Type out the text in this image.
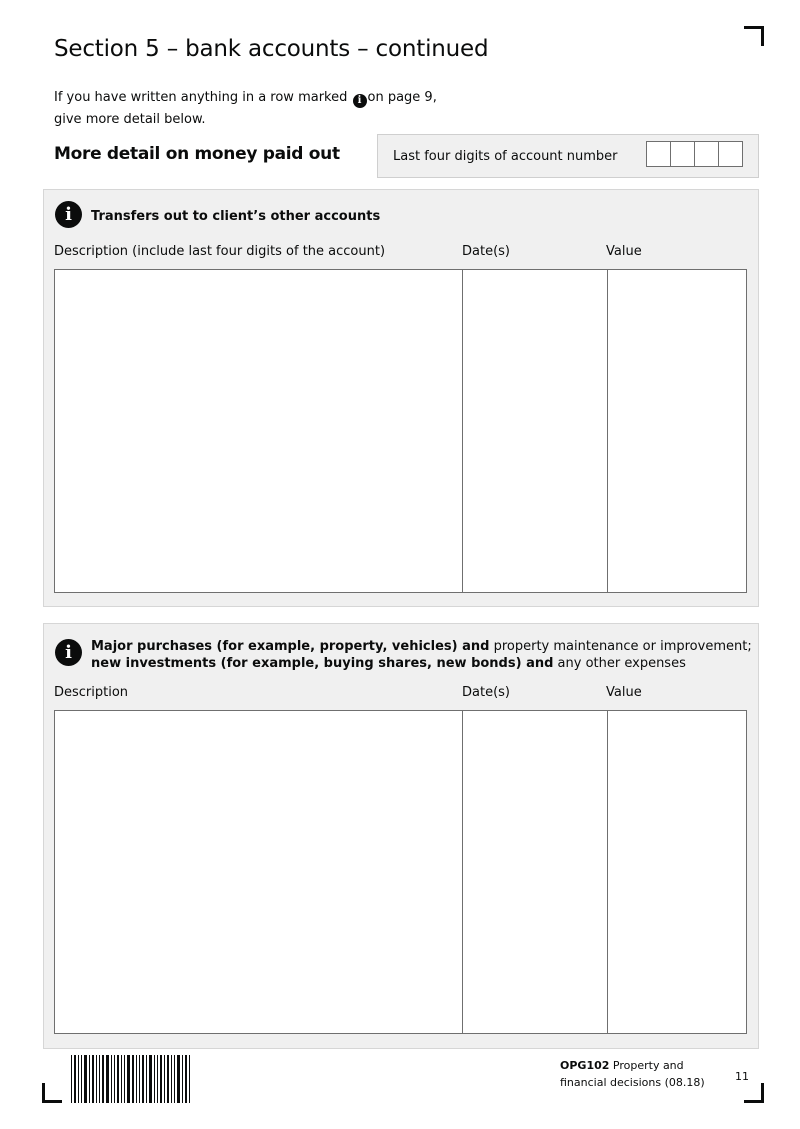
Section 5 – bank accounts – continued

If you have written anything in a row marked i on page 9,
give more detail below.

More detail on money paid out	Last four digits of account number
i	Transfers out to client’s other accounts
Description (include last four digits of the account)	Date(s)	Value
i	Major purchases (for example, property, vehicles) and property maintenance or improvement;
new investments (for example, buying shares, new bonds) and any other expenses
Description	Date(s)	Value
OPG102 Property and
financial decisions (08.18)	11
